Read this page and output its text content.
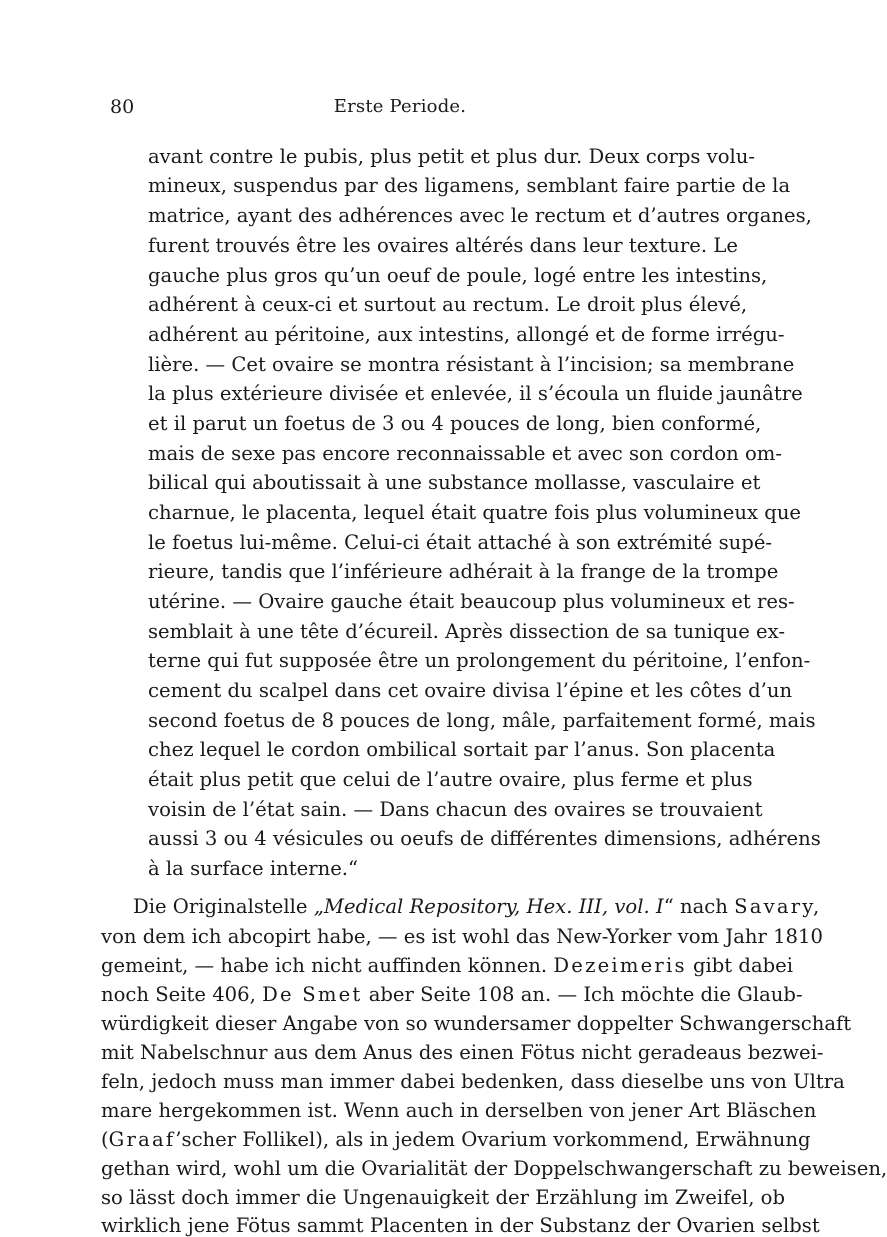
80	Erste Periode.
avant contre le pubis, plus petit et plus dur. Deux corps volu-
mineux, suspendus par des ligamens, semblant faire partie de la
matrice, ayant des adhérences avec le rectum et d’autres organes,
furent trouvés être les ovaires altérés dans leur texture. Le
gauche plus gros qu’un oeuf de poule, logé entre les intestins,
adhérent à ceux-ci et surtout au rectum. Le droit plus élevé,
adhérent au péritoine, aux intestins, allongé et de forme irrégu-
lière. — Cet ovaire se montra résistant à l’incision; sa membrane
la plus extérieure divisée et enlevée, il s’écoula un fluide jaunâtre
et il parut un foetus de 3 ou 4 pouces de long, bien conformé,
mais de sexe pas encore reconnaissable et avec son cordon om-
bilical qui aboutissait à une substance mollasse, vasculaire et
charnue, le placenta, lequel était quatre fois plus volumineux que
le foetus lui-même. Celui-ci était attaché à son extrémité supé-
rieure, tandis que l’inférieure adhérait à la frange de la trompe
utérine. — Ovaire gauche était beaucoup plus volumineux et res-
semblait à une tête d’écureil. Après dissection de sa tunique ex-
terne qui fut supposée être un prolongement du péritoine, l’enfon-
cement du scalpel dans cet ovaire divisa l’épine et les côtes d’un
second foetus de 8 pouces de long, mâle, parfaitement formé, mais
chez lequel le cordon ombilical sortait par l’anus. Son placenta
était plus petit que celui de l’autre ovaire, plus ferme et plus
voisin de l’état sain. — Dans chacun des ovaires se trouvaient
aussi 3 ou 4 vésicules ou oeufs de différentes dimensions, adhérens
à la surface interne.“
Die Originalstelle „Medical Repository, Hex. III, vol. I“ nach Savary,
von dem ich abcopirt habe, — es ist wohl das New-Yorker vom Jahr 1810
gemeint, — habe ich nicht auffinden können. Dezeimeris gibt dabei
noch Seite 406, De Smet aber Seite 108 an. — Ich möchte die Glaub-
würdigkeit dieser Angabe von so wundersamer doppelter Schwangerschaft
mit Nabelschnur aus dem Anus des einen Fötus nicht geradeaus bezwei-
feln, jedoch muss man immer dabei bedenken, dass dieselbe uns von Ultra
mare hergekommen ist. Wenn auch in derselben von jener Art Bläschen
(Graaf’scher Follikel), als in jedem Ovarium vorkommend, Erwähnung
gethan wird, wohl um die Ovarialität der Doppelschwangerschaft zu beweisen,
so lässt doch immer die Ungenauigkeit der Erzählung im Zweifel, ob
wirklich jene Fötus sammt Placenten in der Substanz der Ovarien selbst
